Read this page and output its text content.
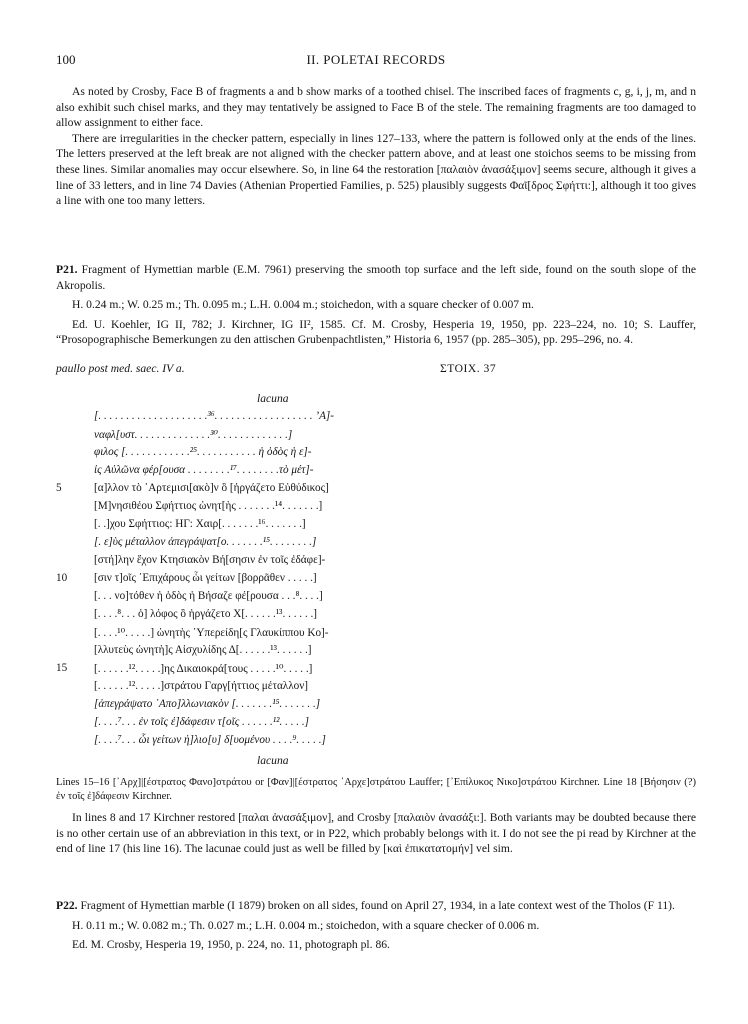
100	II. POLETAI RECORDS

As noted by Crosby, Face B of fragments a and b show marks of a toothed chisel. The inscribed faces of fragments c, g, i, j, m, and n also exhibit such chisel marks, and they may tentatively be assigned to Face B of the stele. The remaining fragments are too damaged to allow assignment to either face.

There are irregularities in the checker pattern, especially in lines 127–133, where the pattern is followed only at the ends of the lines. The letters preserved at the left break are not aligned with the checker pattern above, and at least one stoichos seems to be missing from these lines. Similar anomalies may occur elsewhere. So, in line 64 the restoration [παλαιὸν ἀνασάξιμον] seems secure, although it gives a line of 33 letters, and in line 74 Davies (Athenian Propertied Families, p. 525) plausibly suggests Φαῖ[δρος Σφήττι:], although it too gives a line with one too many letters.

P21. Fragment of Hymettian marble (E.M. 7961) preserving the smooth top surface and the left side, found on the south slope of the Akropolis.

H. 0.24 m.; W. 0.25 m.; Th. 0.095 m.; L.H. 0.004 m.; stoichedon, with a square checker of 0.007 m.

Ed. U. Koehler, IG II, 782; J. Kirchner, IG II², 1585. Cf. M. Crosby, Hesperia 19, 1950, pp. 223–224, no. 10; S. Lauffer, “Prosopographische Bemerkungen zu den attischen Grubenpachtlisten,” Historia 6, 1957 (pp. 285–305), pp. 295–296, no. 4.

paullo post med. saec. IV a.	ΣΤΟΙΧ. 37
lacuna
[. . . . . . . . . . . . . . . . . . . .³⁶. . . . . . . . . . . . . . . . . . ’Α]-
ναφλ[υστ. . . . . . . . . . . . . .³⁰. . . . . . . . . . . . .]
φιλος [. . . . . . . . . . . .²⁵. . . . . . . . . . . ἡ ὁδὸς ἡ ε]-
ἰς Αὐλῶνα φέρ[ουσα . . . . . . . .¹⁷. . . . . . . .τὸ μέτ]-
5	[α]λλον τὸ ᾿Αρτεμισι[ακὸ]ν ὃ [ἠργάζετο Εὐθύδικος]
[Μ]νησιθέου Σφήττιος ὠνητ[ὴς . . . . . . .¹⁴. . . . . . .]
[. .]χου Σφήττιος: ΗΓ: Χαιρ[. . . . . . .¹⁶. . . . . . .]
[. ε]ὺς μέταλλον ἀπεγράψατ[ο. . . . . . .¹⁵. . . . . . . .]
[στή]λην ἔχον Κτησιακὸν Βή[σησιν ἐν τοῖς ἐδάφε]-
10	[σιν τ]οῖς ᾿Επιχάρους ὧι γείτων [βορρᾶθεν . . . . .]
[. . . νο]τόθεν ἡ ὁδὸς ἡ Βήσαζε φέ[ρουσα . . .⁸. . . .]
[. . . .⁸. . . ὁ] λόφος ὃ ἠργάζετο Χ[. . . . . .¹³. . . . . .]
[. . . .¹⁰. . . . .] ὠνητὴς ῾Υπερείδη[ς Γλαυκίππου Κο]-
[λλυτεὺς ὠνητὴ]ς Αἰσχυλίδης Δ[. . . . . .¹³. . . . . .]
15	[. . . . . .¹². . . . .]ης Δικαιοκρά[τους . . . . .¹⁰. . . . .]
[. . . . . .¹². . . . .]στράτου Γαργ[ήττιος μέταλλον]
[ἀπεγράψατο ᾿Απο]λλωνιακὸν [. . . . . . .¹⁵. . . . . . .]
[. . . .⁷. . . ἐν τοῖς ἐ]δάφεσιν τ[οῖς . . . . . .¹². . . . .]
[. . . .⁷. . . ὧι γείτων ἠ]λιο[υ] δ[υομένου . . . .⁹. . . . .]
lacuna

Lines 15–16 [᾿Αρχ]|[έστρατος Φανο]στράτου or [Φαν]|[έστρατος ᾿Αρχε]στράτου Lauffer; [᾿Επίλυκος Νικο]στράτου Kirchner. Line 18 [Βήσησιν (?) ἐν τοῖς ἐ]δάφεσιν Kirchner.

In lines 8 and 17 Kirchner restored [παλαι ἀνασάξιμον], and Crosby [παλαιὸν ἀνασάξι:]. Both variants may be doubted because there is no other certain use of an abbreviation in this text, or in P22, which probably belongs with it. I do not see the pi read by Kirchner at the end of line 17 (his line 16). The lacunae could just as well be filled by [καὶ ἐπικατατομήν] vel sim.

P22. Fragment of Hymettian marble (I 1879) broken on all sides, found on April 27, 1934, in a late context west of the Tholos (F 11).

H. 0.11 m.; W. 0.082 m.; Th. 0.027 m.; L.H. 0.004 m.; stoichedon, with a square checker of 0.006 m.

Ed. M. Crosby, Hesperia 19, 1950, p. 224, no. 11, photograph pl. 86.
